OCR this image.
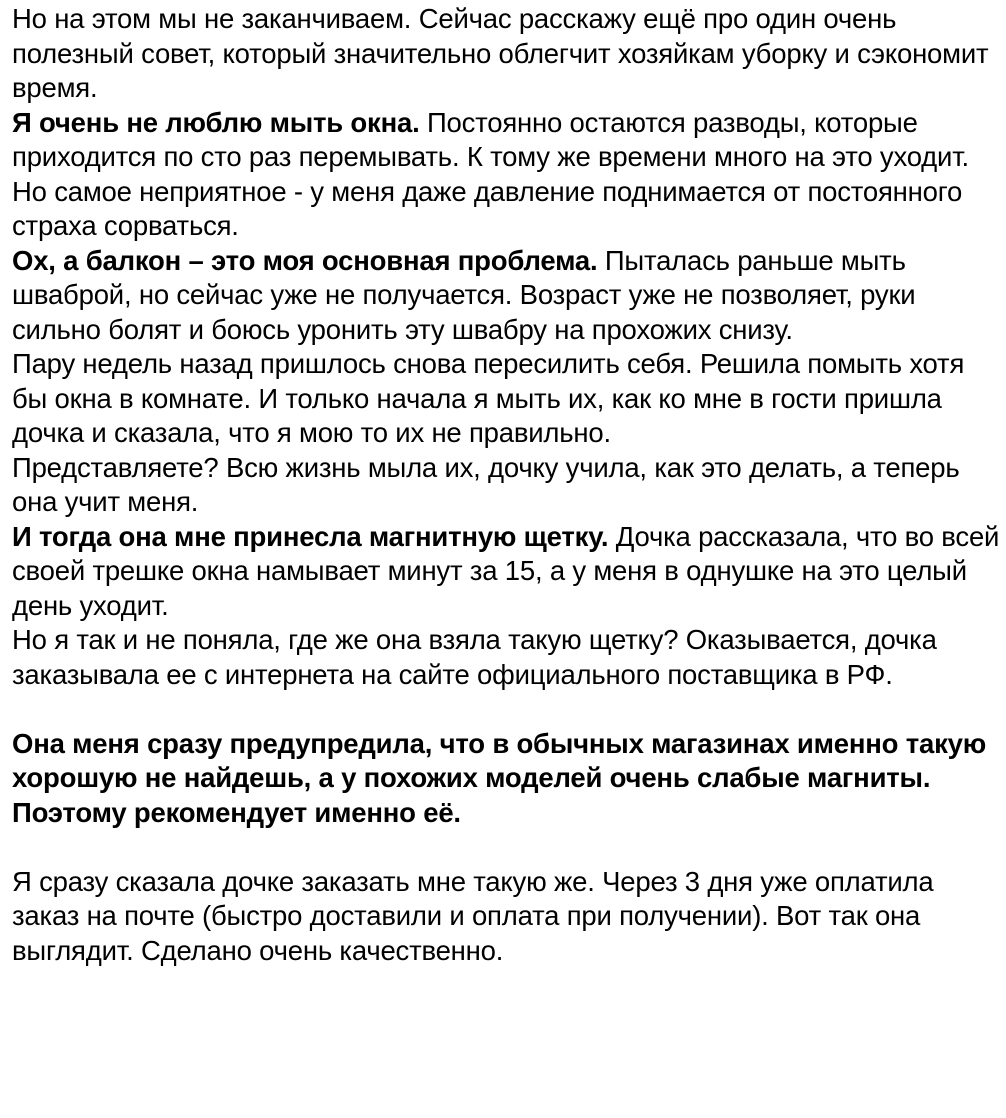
Но на этом мы не заканчиваем. Сейчас расскажу ещё про один очень полезный совет, который значительно облегчит хозяйкам уборку и сэкономит время.

Я очень не люблю мыть окна. Постоянно остаются разводы, которые приходится по сто раз перемывать. К тому же времени много на это уходит. Но самое неприятное - у меня даже давление поднимается от постоянного страха сорваться.

Ох, а балкон – это моя основная проблема. Пыталась раньше мыть шваброй, но сейчас уже не получается. Возраст уже не позволяет, руки сильно болят и боюсь уронить эту швабру на прохожих снизу.

Пару недель назад пришлось снова пересилить себя. Решила помыть хотя бы окна в комнате. И только начала я мыть их, как ко мне в гости пришла дочка и сказала, что я мою то их не правильно.

Представляете? Всю жизнь мыла их, дочку учила, как это делать, а теперь она учит меня.

И тогда она мне принесла магнитную щетку. Дочка рассказала, что во всей своей трешке окна намывает минут за 15, а у меня в однушке на это целый день уходит.

Но я так и не поняла, где же она взяла такую щетку? Оказывается, дочка заказывала ее с интернета на сайте официального поставщика в РФ.

Она меня сразу предупредила, что в обычных магазинах именно такую хорошую не найдешь, а у похожих моделей очень слабые магниты. Поэтому рекомендует именно её.

Я сразу сказала дочке заказать мне такую же. Через 3 дня уже оплатила заказ на почте (быстро доставили и оплата при получении). Вот так она выглядит. Сделано очень качественно.
